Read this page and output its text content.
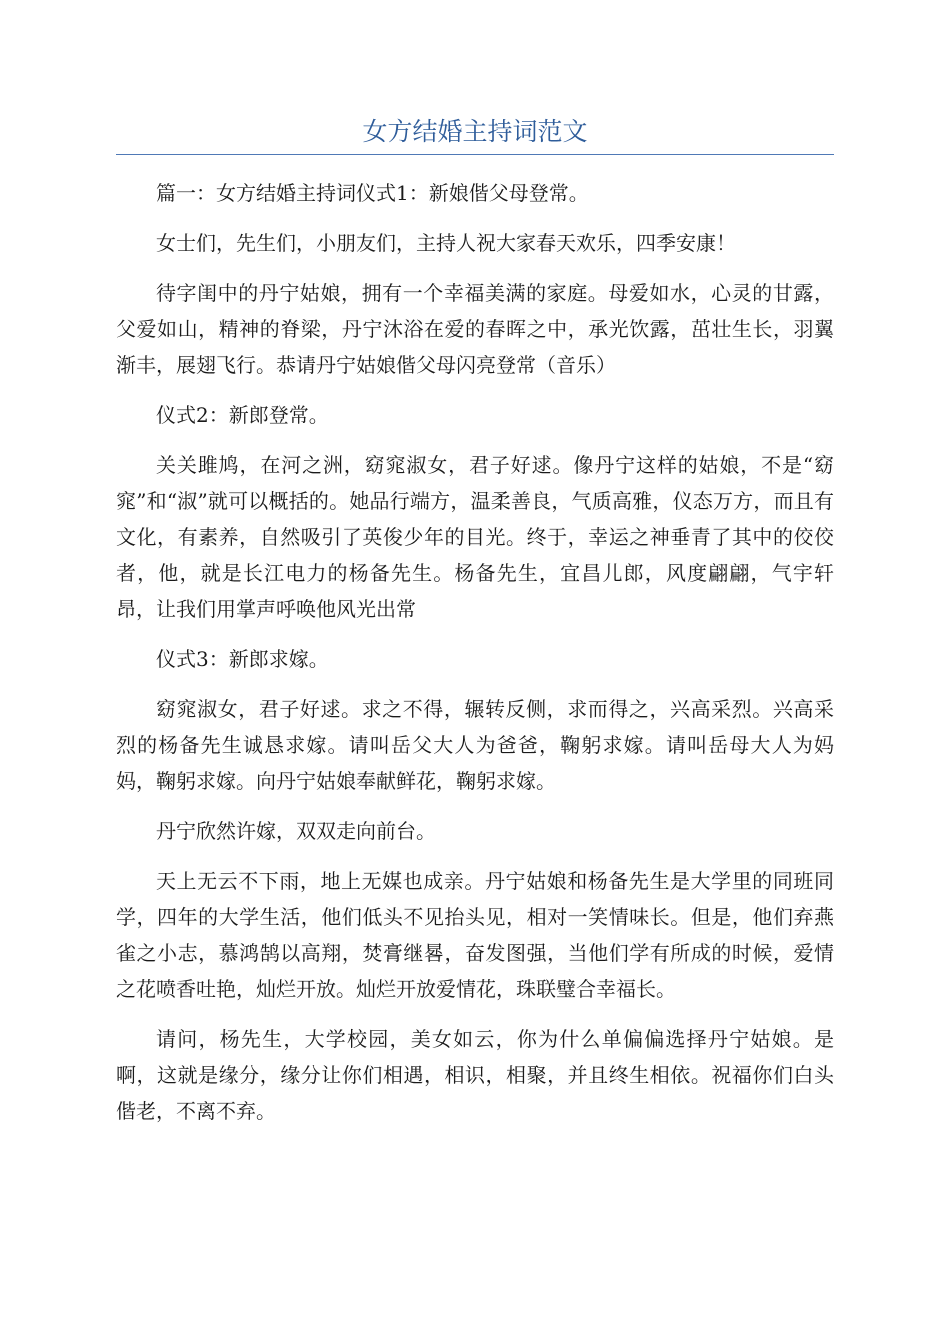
女方结婚主持词范文

篇一：女方结婚主持词仪式1：新娘偕父母登常。

女士们，先生们，小朋友们，主持人祝大家春天欢乐，四季安康！

待字闺中的丹宁姑娘，拥有一个幸福美满的家庭。母爱如水，心灵的甘露，父爱如山，精神的脊梁，丹宁沐浴在爱的春晖之中，承光饮露，茁壮生长，羽翼渐丰，展翅飞行。恭请丹宁姑娘偕父母闪亮登常（音乐）

仪式2：新郎登常。

关关雎鸠，在河之洲，窈窕淑女，君子好逑。像丹宁这样的姑娘，不是“窈窕”和“淑”就可以概括的。她品行端方，温柔善良，气质高雅，仪态万方，而且有文化，有素养，自然吸引了英俊少年的目光。终于，幸运之神垂青了其中的佼佼者，他，就是长江电力的杨备先生。杨备先生，宜昌儿郎，风度翩翩，气宇轩昂，让我们用掌声呼唤他风光出常

仪式3：新郎求嫁。

窈窕淑女，君子好逑。求之不得，辗转反侧，求而得之，兴高采烈。兴高采烈的杨备先生诚恳求嫁。请叫岳父大人为爸爸，鞠躬求嫁。请叫岳母大人为妈妈，鞠躬求嫁。向丹宁姑娘奉献鲜花，鞠躬求嫁。

丹宁欣然许嫁，双双走向前台。

天上无云不下雨，地上无媒也成亲。丹宁姑娘和杨备先生是大学里的同班同学，四年的大学生活，他们低头不见抬头见，相对一笑情味长。但是，他们弃燕雀之小志，慕鸿鹄以高翔，焚膏继晷，奋发图强，当他们学有所成的时候，爱情之花喷香吐艳，灿烂开放。灿烂开放爱情花，珠联璧合幸福长。

请问，杨先生，大学校园，美女如云，你为什么单偏偏选择丹宁姑娘。是啊，这就是缘分，缘分让你们相遇，相识，相聚，并且终生相依。祝福你们白头偕老，不离不弃。
